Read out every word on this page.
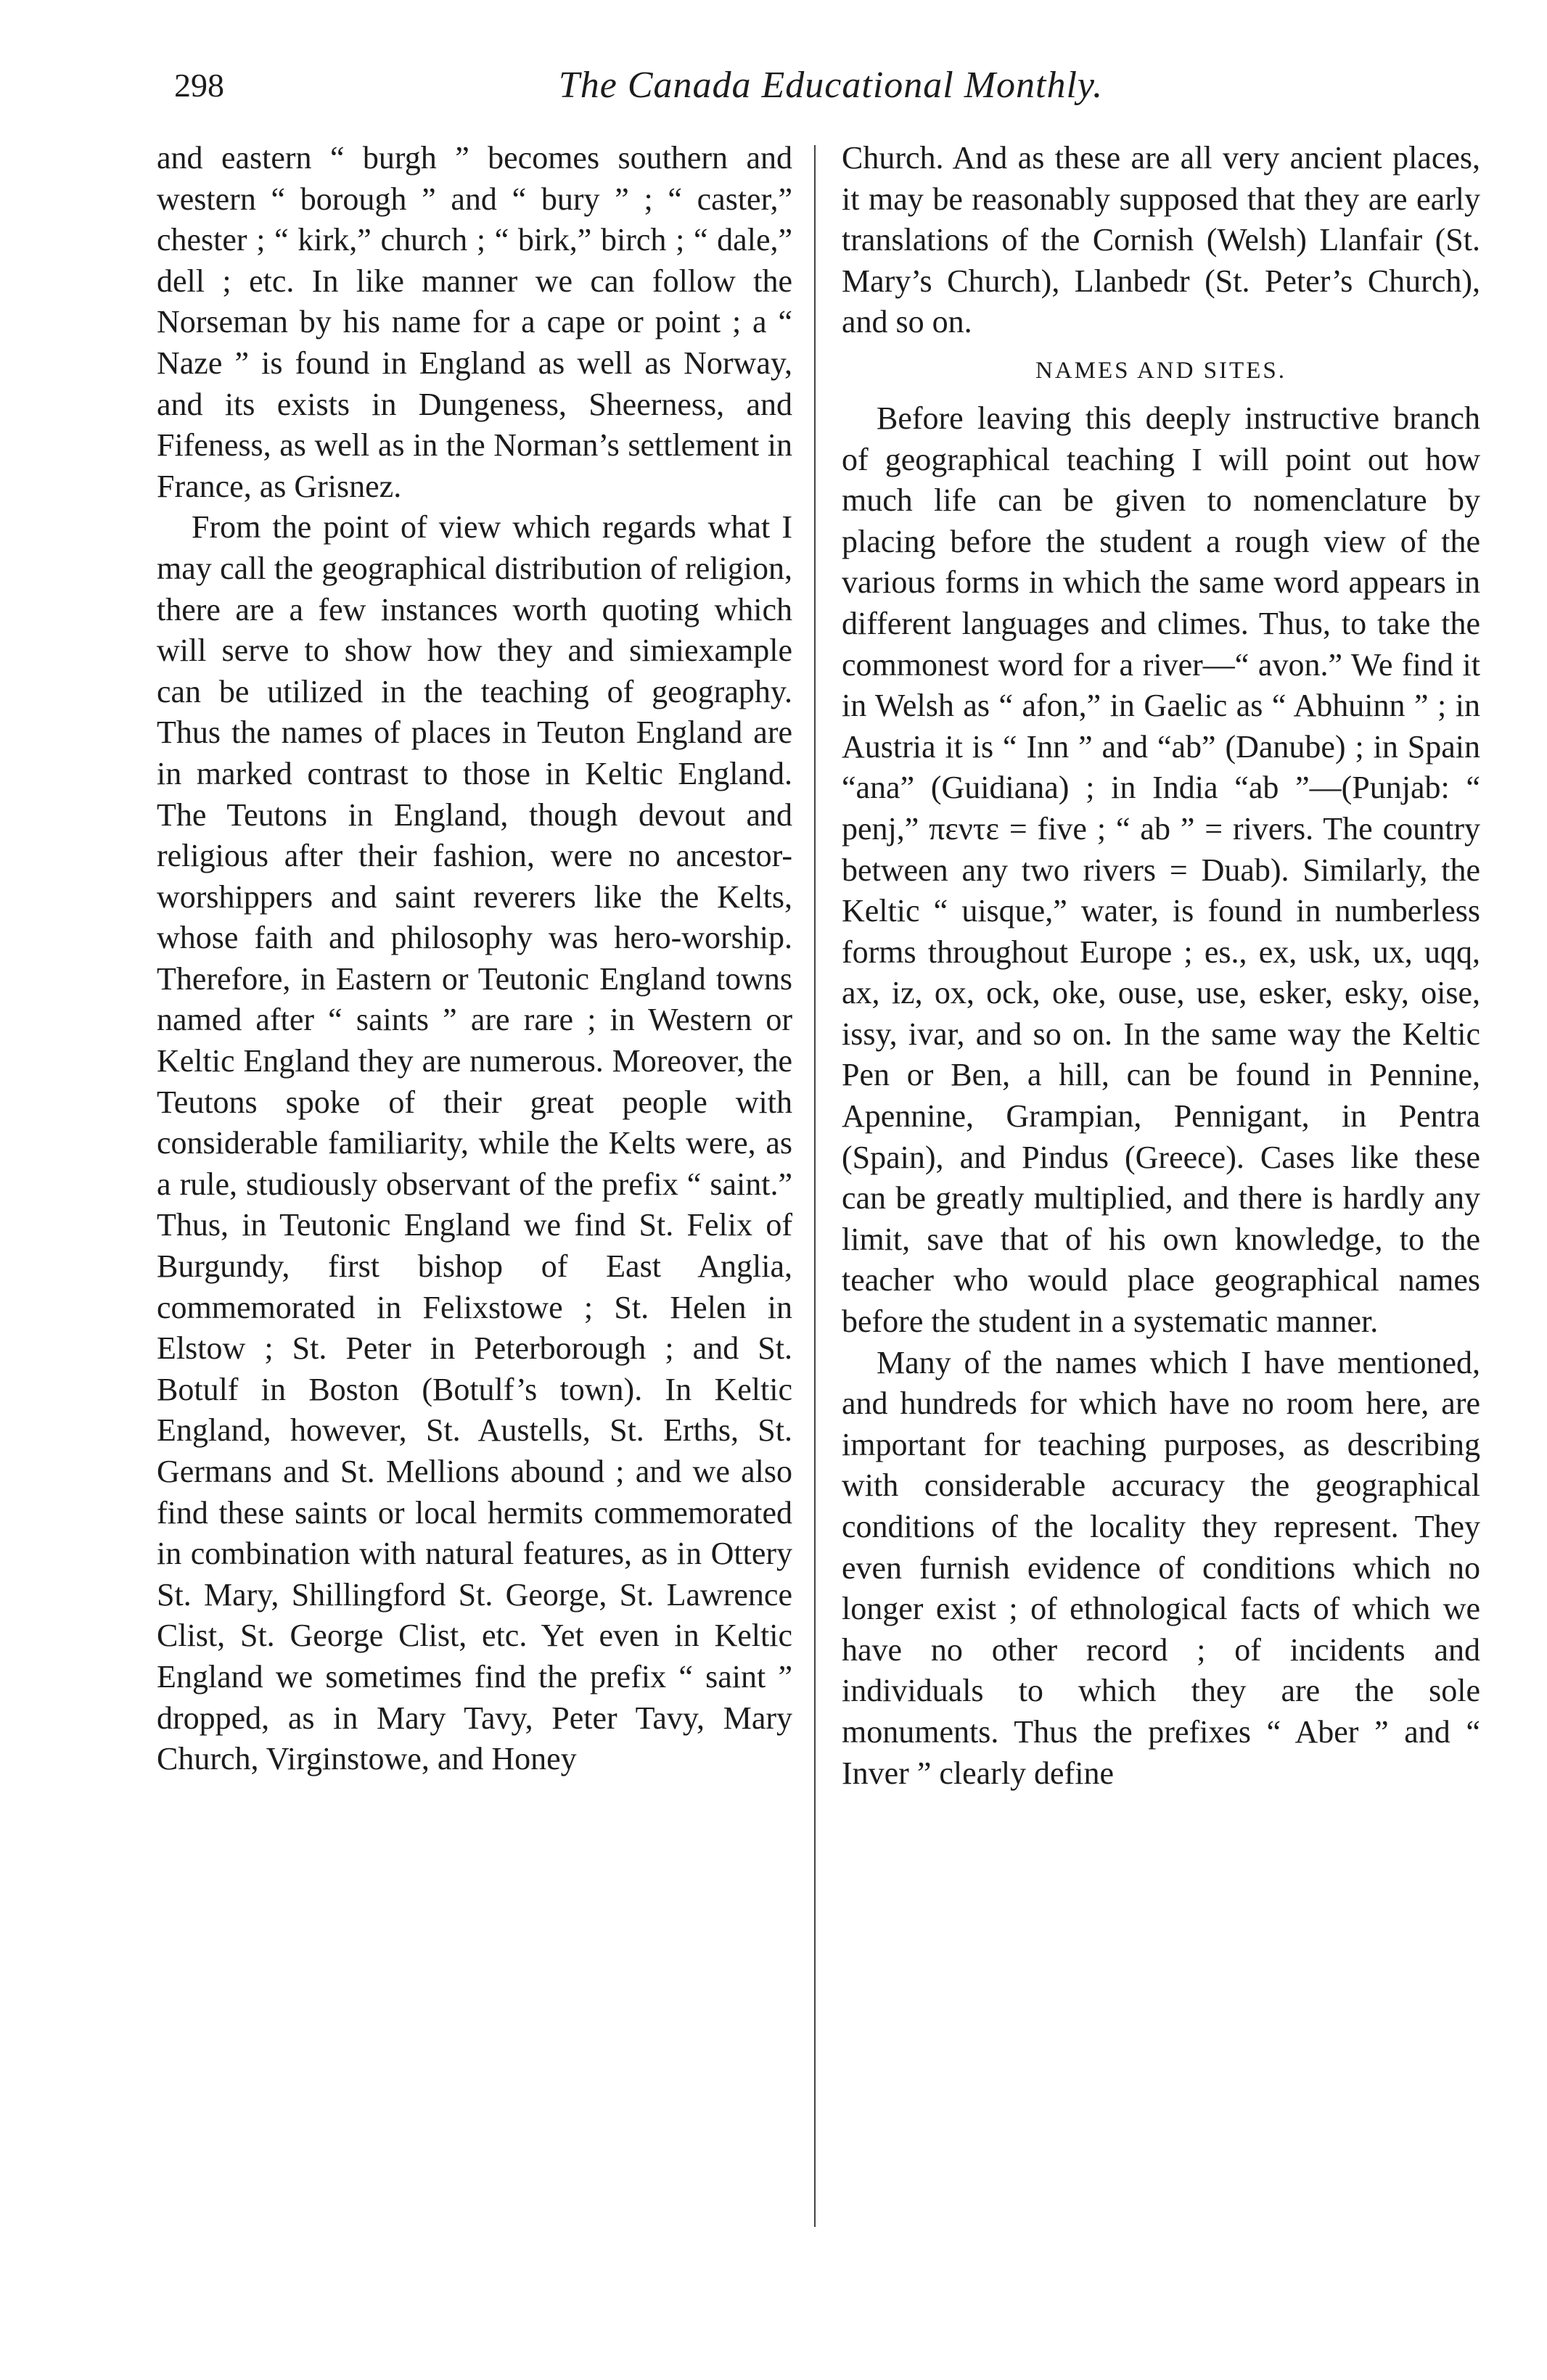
298	The Canada Educational Monthly.

and eastern “ burgh ” becomes southern and western “ borough ” and “ bury ” ; “ caster,” chester ; “ kirk,” church ; “ birk,” birch ; “ dale,” dell ; etc. In like manner we can follow the Norseman by his name for a cape or point ; a “ Naze ” is found in England as well as Norway, and its exists in Dungeness, Sheerness, and Fifeness, as well as in the Norman’s settlement in France, as Grisnez.

From the point of view which regards what I may call the geographical distribution of religion, there are a few instances worth quoting which will serve to show how they and simiexample can be utilized in the teaching of geography. Thus the names of places in Teuton England are in marked contrast to those in Keltic England. The Teutons in England, though devout and religious after their fashion, were no ancestor-worshippers and saint reverers like the Kelts, whose faith and philosophy was hero-worship. Therefore, in Eastern or Teutonic England towns named after “ saints ” are rare ; in Western or Keltic England they are numerous. Moreover, the Teutons spoke of their great people with considerable familiarity, while the Kelts were, as a rule, studiously observant of the prefix “ saint.” Thus, in Teutonic England we find St. Felix of Burgundy, first bishop of East Anglia, commemorated in Felixstowe ; St. Helen in Elstow ; St. Peter in Peterborough ; and St. Botulf in Boston (Botulf’s town). In Keltic England, however, St. Austells, St. Erths, St. Germans and St. Mellions abound ; and we also find these saints or local hermits commemorated in combination with natural features, as in Ottery St. Mary, Shillingford St. George, St. Lawrence Clist, St. George Clist, etc. Yet even in Keltic England we sometimes find the prefix “ saint ” dropped, as in Mary Tavy, Peter Tavy, Mary Church, Virginstowe, and Honey

Church. And as these are all very ancient places, it may be reasonably supposed that they are early translations of the Cornish (Welsh) Llanfair (St. Mary’s Church), Llanbedr (St. Peter’s Church), and so on.

NAMES AND SITES.

Before leaving this deeply instructive branch of geographical teaching I will point out how much life can be given to nomenclature by placing before the student a rough view of the various forms in which the same word appears in different languages and climes. Thus, to take the commonest word for a river—“ avon.” We find it in Welsh as “ afon,” in Gaelic as “ Abhuinn ” ; in Austria it is “ Inn ” and “ab” (Danube) ; in Spain “ana” (Guidiana) ; in India “ab ”—(Punjab: “ penj,” πεντε = five ; “ ab ” = rivers. The country between any two rivers = Duab). Similarly, the Keltic “ uisque,” water, is found in numberless forms throughout Europe ; es., ex, usk, ux, uqq, ax, iz, ox, ock, oke, ouse, use, esker, esky, oise, issy, ivar, and so on. In the same way the Keltic Pen or Ben, a hill, can be found in Pennine, Apennine, Grampian, Pennigant, in Pentra (Spain), and Pindus (Greece). Cases like these can be greatly multiplied, and there is hardly any limit, save that of his own knowledge, to the teacher who would place geographical names before the student in a systematic manner.

Many of the names which I have mentioned, and hundreds for which have no room here, are important for teaching purposes, as describing with considerable accuracy the geographical conditions of the locality they represent. They even furnish evidence of conditions which no longer exist ; of ethnological facts of which we have no other record ; of incidents and individuals to which they are the sole monuments. Thus the prefixes “ Aber ” and “ Inver ” clearly define
